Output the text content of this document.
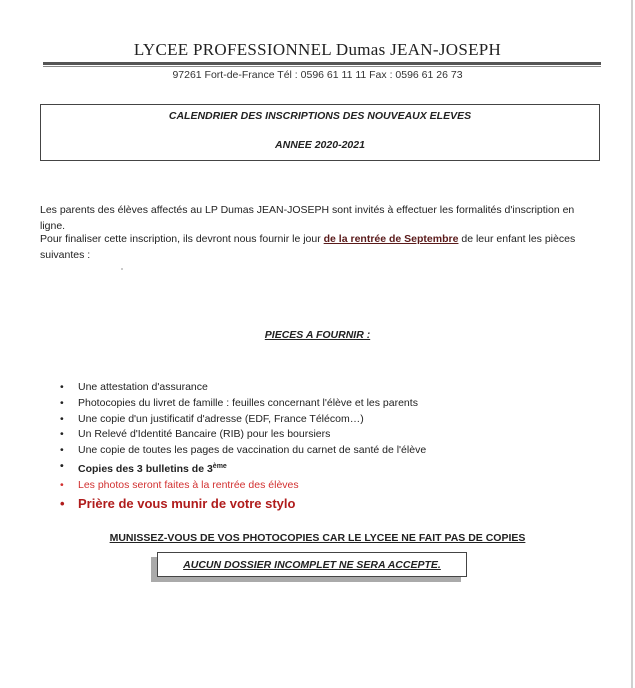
LYCEE PROFESSIONNEL Dumas JEAN-JOSEPH
97261 Fort-de-France Tél : 0596 61 11 11 Fax : 0596 61 26 73
CALENDRIER DES INSCRIPTIONS DES NOUVEAUX ELEVES
ANNEE 2020-2021
Les parents des élèves affectés au LP Dumas JEAN-JOSEPH sont invités à effectuer les formalités d'inscription en ligne.
Pour finaliser cette inscription, ils devront nous fournir le jour de la rentrée de Septembre de leur enfant les pièces suivantes :
PIECES A FOURNIR :
• Une attestation d'assurance
• Photocopies du livret de famille : feuilles concernant l'élève et les parents
• Une copie d'un justificatif d'adresse (EDF, France Télécom…)
• Un Relevé d'Identité Bancaire (RIB) pour les boursiers
• Une copie de toutes les pages de vaccination du carnet de santé de l'élève
• Copies des 3 bulletins de 3ème
• Les photos seront faites à la rentrée des élèves
• Prière de vous munir de votre stylo
MUNISSEZ-VOUS DE VOS PHOTOCOPIES CAR LE LYCEE NE FAIT PAS DE COPIES
AUCUN DOSSIER INCOMPLET NE SERA ACCEPTE.
